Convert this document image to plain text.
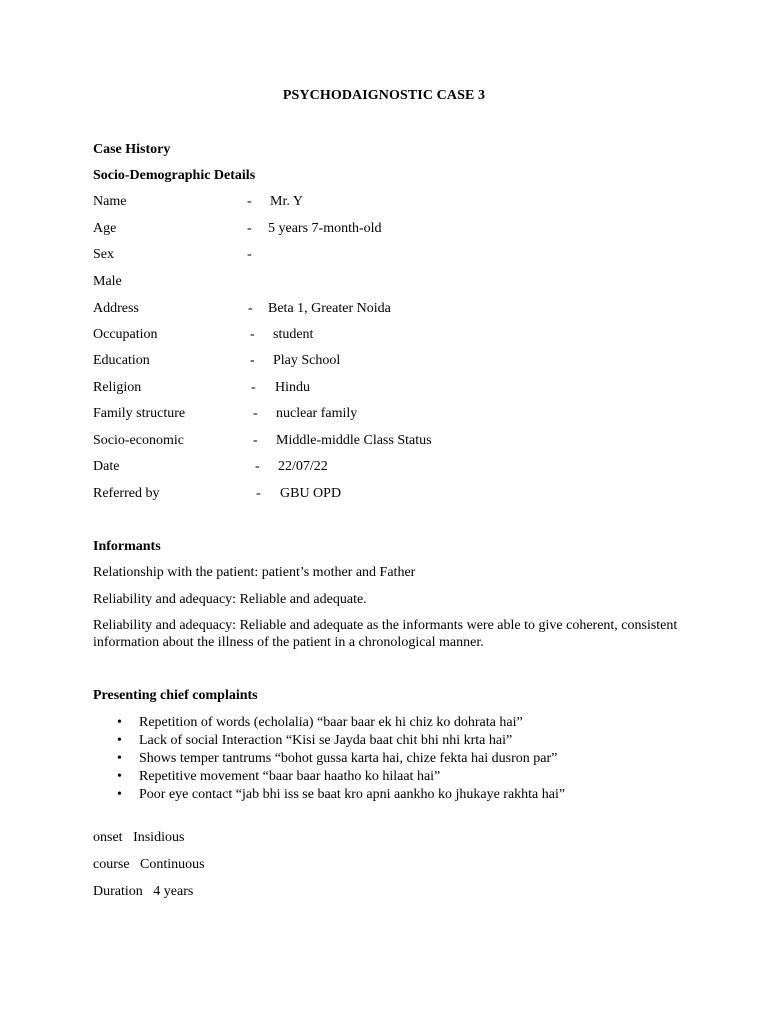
PSYCHODAIGNOSTIC CASE 3
Case History
Socio-Demographic Details
Name	- Mr. Y
Age	- 5 years 7-month-old
Sex	-
Male
Address	- Beta 1, Greater Noida
Occupation	- student
Education	- Play School
Religion	- Hindu
Family structure	- nuclear family
Socio-economic	- Middle-middle Class Status
Date	- 22/07/22
Referred by	- GBU OPD
Informants
Relationship with the patient: patient’s mother and Father
Reliability and adequacy: Reliable and adequate.
Reliability and adequacy: Reliable and adequate as the informants were able to give coherent, consistent information about the illness of the patient in a chronological manner.
Presenting chief complaints
• Repetition of words (echolalia) “baar baar ek hi chiz ko dohrata hai”
• Lack of social Interaction “Kisi se Jayda baat chit bhi nhi krta hai”
• Shows temper tantrums “bohot gussa karta hai, chize fekta hai dusron par”
• Repetitive movement “baar baar haatho ko hilaat hai”
• Poor eye contact “jab bhi iss se baat kro apni aankho ko jhukaye rakhta hai”
onset Insidious
course Continuous
Duration 4 years
